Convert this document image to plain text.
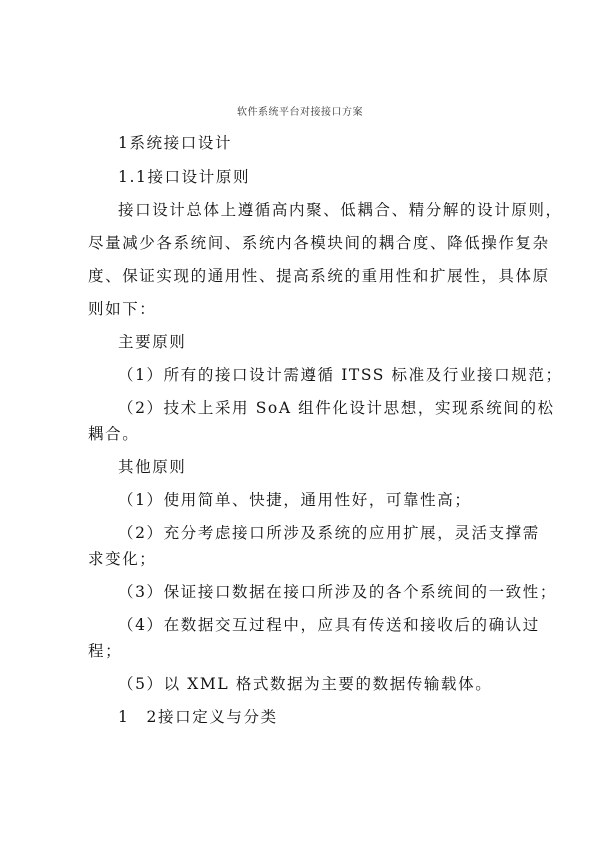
软件系统平台对接接口方案
1系统接口设计
1.1接口设计原则
接口设计总体上遵循高内聚、低耦合、精分解的设计原则，
尽量减少各系统间、系统内各模块间的耦合度、降低操作复杂
度、保证实现的通用性、提高系统的重用性和扩展性，具体原
则如下：
主要原则
（1）所有的接口设计需遵循 ITSS 标准及行业接口规范；
（2）技术上采用 SoA 组件化设计思想，实现系统间的松
耦合。
其他原则
（1）使用简单、快捷，通用性好，可靠性高；
（2）充分考虑接口所涉及系统的应用扩展，灵活支撑需
求变化；
（3）保证接口数据在接口所涉及的各个系统间的一致性；
（4）在数据交互过程中，应具有传送和接收后的确认过
程；
（5）以 XML 格式数据为主要的数据传输载体。
1　2接口定义与分类
